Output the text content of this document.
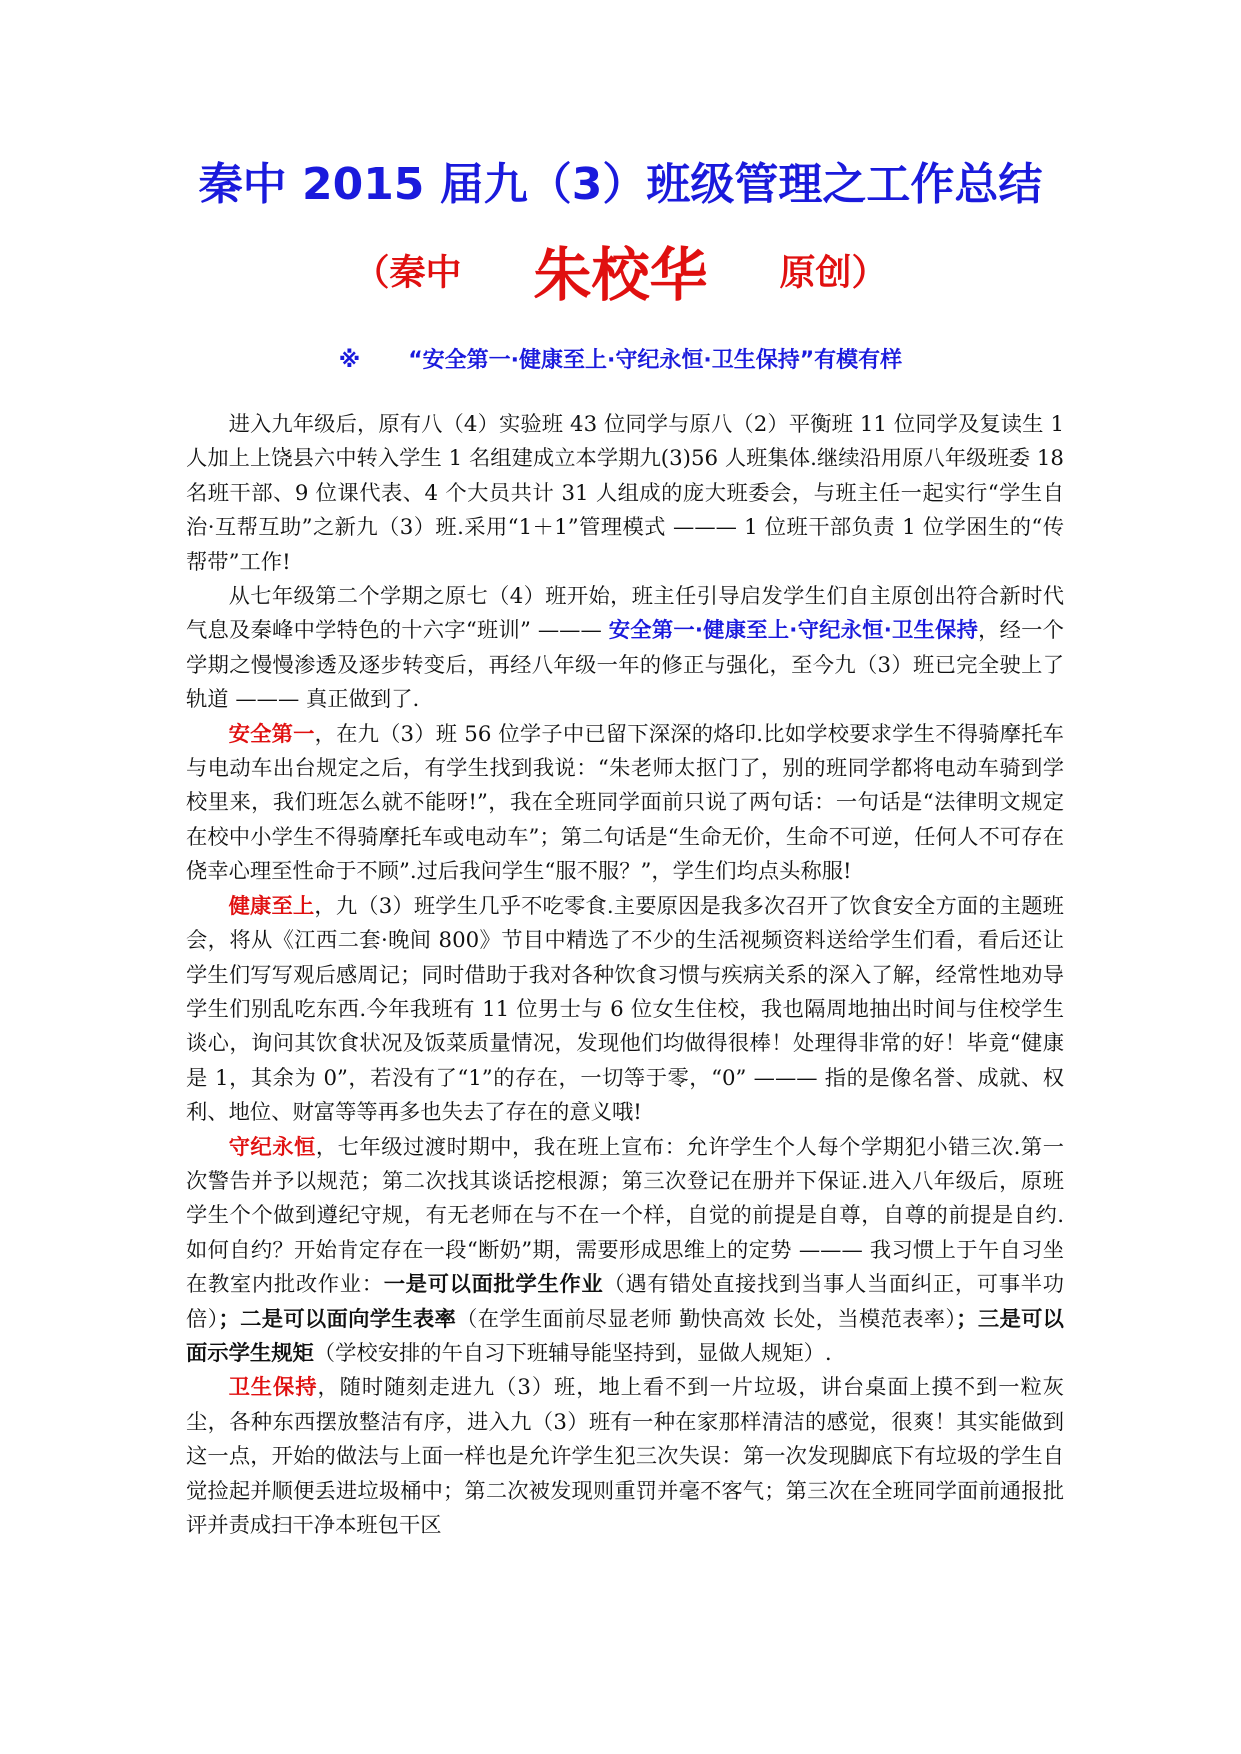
秦中 2015 届九（3）班级管理之工作总结
（秦中 朱校华 原创）
※ “安全第一·健康至上·守纪永恒·卫生保持”有模有样

进入九年级后，原有八（4）实验班 43 位同学与原八（2）平衡班 11 位同学及复读生 1 人加上上饶县六中转入学生 1 名组建成立本学期九(3)56 人班集体.继续沿用原八年级班委 18 名班干部、9 位课代表、4 个大员共计 31 人组成的庞大班委会，与班主任一起实行“学生自治·互帮互助”之新九（3）班.采用“1＋1”管理模式 ——— 1 位班干部负责 1 位学困生的“传帮带”工作!

从七年级第二个学期之原七（4）班开始，班主任引导启发学生们自主原创出符合新时代气息及秦峰中学特色的十六字“班训” ——— 安全第一·健康至上·守纪永恒·卫生保持，经一个学期之慢慢渗透及逐步转变后，再经八年级一年的修正与强化，至今九（3）班已完全驶上了轨道 ——— 真正做到了.

安全第一，在九（3）班 56 位学子中已留下深深的烙印.比如学校要求学生不得骑摩托车与电动车出台规定之后，有学生找到我说：“朱老师太抠门了，别的班同学都将电动车骑到学校里来，我们班怎么就不能呀!”，我在全班同学面前只说了两句话：一句话是“法律明文规定在校中小学生不得骑摩托车或电动车”；第二句话是“生命无价，生命不可逆，任何人不可存在侥幸心理至性命于不顾”.过后我问学生“服不服？”，学生们均点头称服!

健康至上，九（3）班学生几乎不吃零食.主要原因是我多次召开了饮食安全方面的主题班会，将从《江西二套·晚间 800》节目中精选了不少的生活视频资料送给学生们看，看后还让学生们写写观后感周记；同时借助于我对各种饮食习惯与疾病关系的深入了解，经常性地劝导学生们别乱吃东西.今年我班有 11 位男士与 6 位女生住校，我也隔周地抽出时间与住校学生谈心，询问其饮食状况及饭菜质量情况，发现他们均做得很棒！处理得非常的好！毕竟“健康是 1，其余为 0”，若没有了“1”的存在，一切等于零，“0” ——— 指的是像名誉、成就、权利、地位、财富等等再多也失去了存在的意义哦!

守纪永恒，七年级过渡时期中，我在班上宣布：允许学生个人每个学期犯小错三次.第一次警告并予以规范；第二次找其谈话挖根源；第三次登记在册并下保证.进入八年级后，原班学生个个做到遵纪守规，有无老师在与不在一个样，自觉的前提是自尊，自尊的前提是自约.如何自约？开始肯定存在一段“断奶”期，需要形成思维上的定势 ——— 我习惯上于午自习坐在教室内批改作业：一是可以面批学生作业（遇有错处直接找到当事人当面纠正，可事半功倍）；二是可以面向学生表率（在学生面前尽显老师 勤快高效 长处，当模范表率）；三是可以面示学生规矩（学校安排的午自习下班辅导能坚持到，显做人规矩）.

卫生保持，随时随刻走进九（3）班，地上看不到一片垃圾，讲台桌面上摸不到一粒灰尘，各种东西摆放整洁有序，进入九（3）班有一种在家那样清洁的感觉，很爽！其实能做到这一点，开始的做法与上面一样也是允许学生犯三次失误：第一次发现脚底下有垃圾的学生自觉捡起并顺便丢进垃圾桶中；第二次被发现则重罚并毫不客气；第三次在全班同学面前通报批评并责成扫干净本班包干区
